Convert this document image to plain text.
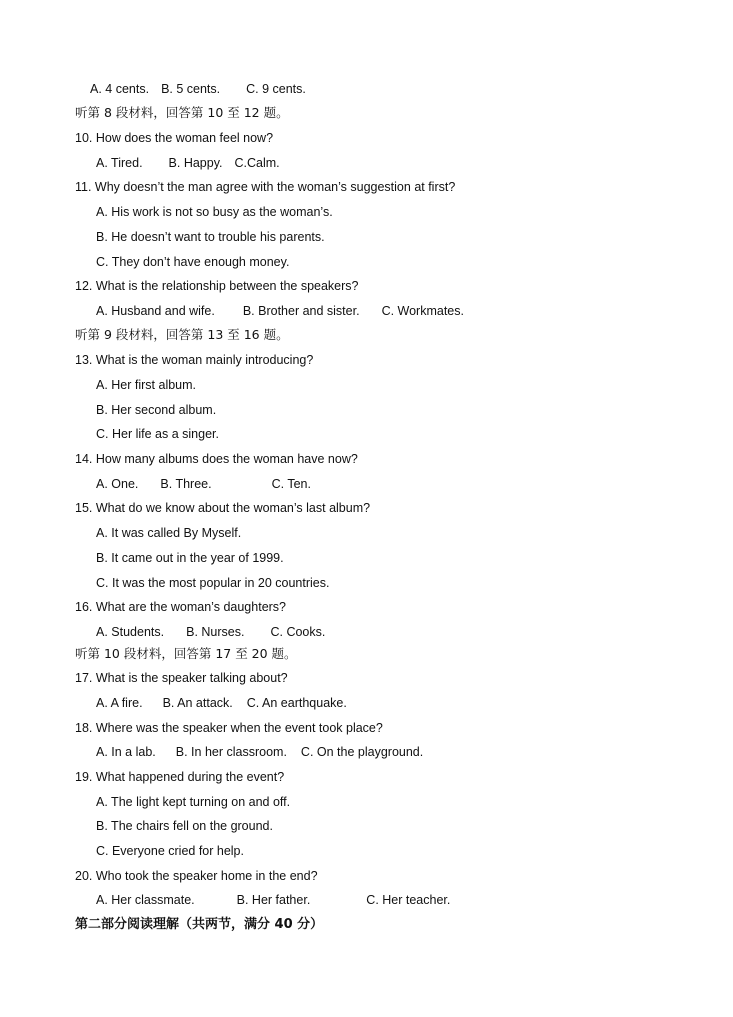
A. 4 cents. B. 5 cents. C. 9 cents.
听第 8 段材料，回答第 10 至 12 题。
10. How does the woman feel now?
A. Tired. B. Happy. C.Calm.
11. Why doesn’t the man agree with the woman’s suggestion at first?
A. His work is not so busy as the woman’s.
B. He doesn’t want to trouble his parents.
C. They don’t have enough money.
12. What is the relationship between the speakers?
A. Husband and wife. B. Brother and sister. C. Workmates.
听第 9 段材料，回答第 13 至 16 题。
13. What is the woman mainly introducing?
A. Her first album.
B. Her second album.
C. Her life as a singer.
14. How many albums does the woman have now?
A. One. B. Three.	C. Ten.
15. What do we know about the woman’s last album?
A. It was called By Myself.
B. It came out in the year of 1999.
C. It was the most popular in 20 countries.
16. What are the woman’s daughters?
A. Students. B. Nurses. C. Cooks.
听第 10 段材料，回答第 17 至 20 题。
17. What is the speaker talking about?
A. A fire. B. An attack. C. An earthquake.
18. Where was the speaker when the event took place?
A. In a lab. B. In her classroom. C. On the playground.
19. What happened during the event?
A. The light kept turning on and off.
B. The chairs fell on the ground.
C. Everyone cried for help.
20. Who took the speaker home in the end?
A. Her classmate.	B. Her father.	C. Her teacher.
第二部分阅读理解（共两节，满分 40 分）
